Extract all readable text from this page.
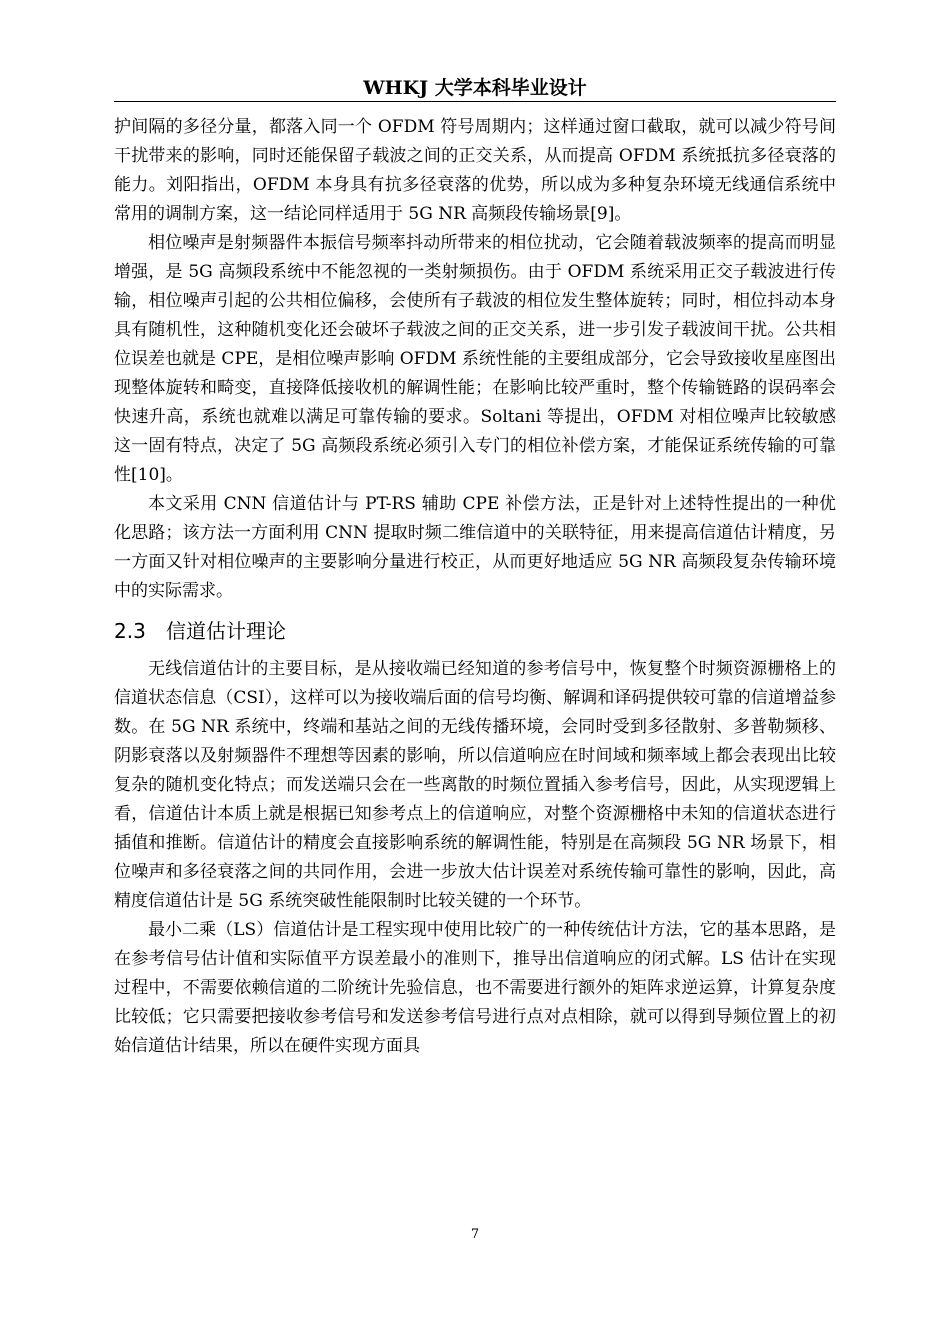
WHKJ 大学本科毕业设计

护间隔的多径分量，都落入同一个 OFDM 符号周期内；这样通过窗口截取，就可以减少符号间干扰带来的影响，同时还能保留子载波之间的正交关系，从而提高 OFDM 系统抵抗多径衰落的能力。刘阳指出，OFDM 本身具有抗多径衰落的优势，所以成为多种复杂环境无线通信系统中常用的调制方案，这一结论同样适用于 5G NR 高频段传输场景[9]。

相位噪声是射频器件本振信号频率抖动所带来的相位扰动，它会随着载波频率的提高而明显增强，是 5G 高频段系统中不能忽视的一类射频损伤。由于 OFDM 系统采用正交子载波进行传输，相位噪声引起的公共相位偏移，会使所有子载波的相位发生整体旋转；同时，相位抖动本身具有随机性，这种随机变化还会破坏子载波之间的正交关系，进一步引发子载波间干扰。公共相位误差也就是 CPE，是相位噪声影响 OFDM 系统性能的主要组成部分，它会导致接收星座图出现整体旋转和畸变，直接降低接收机的解调性能；在影响比较严重时，整个传输链路的误码率会快速升高，系统也就难以满足可靠传输的要求。Soltani 等提出，OFDM 对相位噪声比较敏感这一固有特点，决定了 5G 高频段系统必须引入专门的相位补偿方案，才能保证系统传输的可靠性[10]。

本文采用 CNN 信道估计与 PT-RS 辅助 CPE 补偿方法，正是针对上述特性提出的一种优化思路；该方法一方面利用 CNN 提取时频二维信道中的关联特征，用来提高信道估计精度，另一方面又针对相位噪声的主要影响分量进行校正，从而更好地适应 5G NR 高频段复杂传输环境中的实际需求。

2.3 信道估计理论

无线信道估计的主要目标，是从接收端已经知道的参考信号中，恢复整个时频资源栅格上的信道状态信息（CSI），这样可以为接收端后面的信号均衡、解调和译码提供较可靠的信道增益参数。在 5G NR 系统中，终端和基站之间的无线传播环境，会同时受到多径散射、多普勒频移、阴影衰落以及射频器件不理想等因素的影响，所以信道响应在时间域和频率域上都会表现出比较复杂的随机变化特点；而发送端只会在一些离散的时频位置插入参考信号，因此，从实现逻辑上看，信道估计本质上就是根据已知参考点上的信道响应，对整个资源栅格中未知的信道状态进行插值和推断。信道估计的精度会直接影响系统的解调性能，特别是在高频段 5G NR 场景下，相位噪声和多径衰落之间的共同作用，会进一步放大估计误差对系统传输可靠性的影响，因此，高精度信道估计是 5G 系统突破性能限制时比较关键的一个环节。

最小二乘（LS）信道估计是工程实现中使用比较广的一种传统估计方法，它的基本思路，是在参考信号估计值和实际值平方误差最小的准则下，推导出信道响应的闭式解。LS 估计在实现过程中，不需要依赖信道的二阶统计先验信息，也不需要进行额外的矩阵求逆运算，计算复杂度比较低；它只需要把接收参考信号和发送参考信号进行点对点相除，就可以得到导频位置上的初始信道估计结果，所以在硬件实现方面具

7
